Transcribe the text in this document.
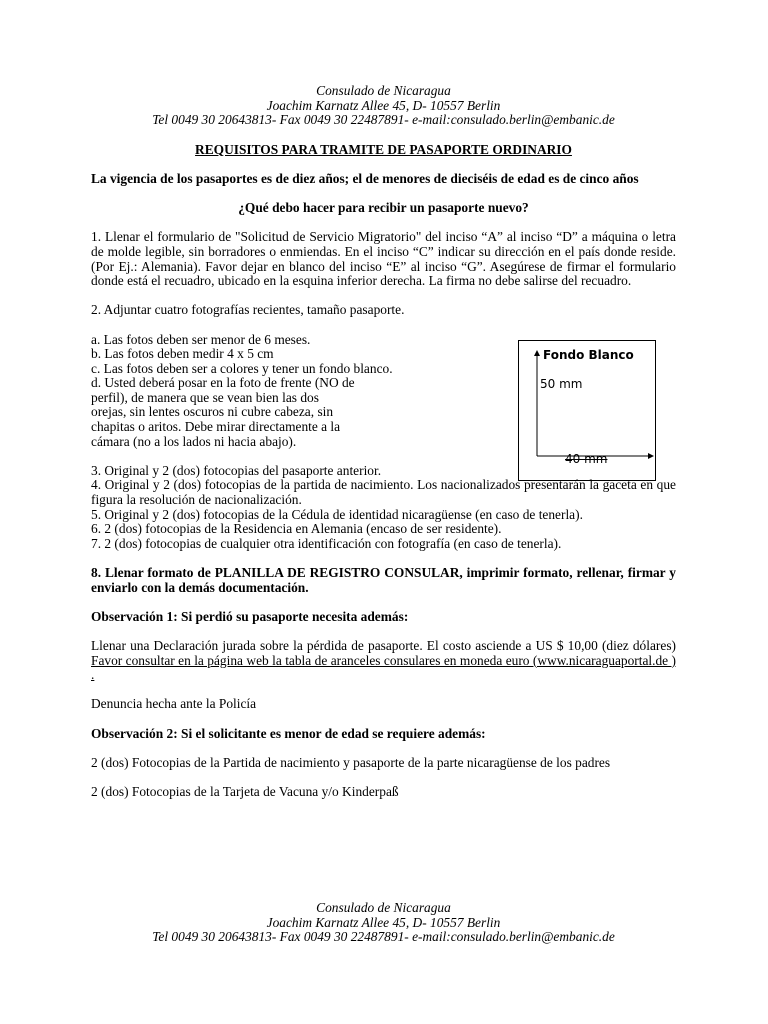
Consulado de Nicaragua
Joachim Karnatz Allee 45, D- 10557 Berlin
Tel 0049 30 20643813- Fax 0049 30 22487891- e-mail:consulado.berlin@embanic.de
REQUISITOS PARA TRAMITE DE PASAPORTE ORDINARIO
La vigencia de los pasaportes es de diez años; el de menores de dieciséis de edad es de cinco años
¿Qué debo hacer para recibir un pasaporte nuevo?
1. Llenar el formulario de "Solicitud de Servicio Migratorio" del inciso “A” al inciso “D” a máquina o letra de molde legible, sin borradores o enmiendas. En el inciso “C” indicar su dirección en el país donde reside. (Por Ej.: Alemania). Favor dejar en blanco del inciso “E” al inciso “G”. Asegúrese de firmar el formulario donde está el recuadro, ubicado en la esquina inferior derecha. La firma no debe salirse del recuadro.
2. Adjuntar cuatro fotografías recientes, tamaño pasaporte.
a. Las fotos deben ser menor de 6 meses.
b. Las fotos deben medir 4 x 5 cm
c. Las fotos deben ser a colores y tener un fondo blanco.
d. Usted deberá posar en la foto de frente (NO de
perfil), de manera que se vean bien las dos
orejas, sin lentes oscuros ni cubre cabeza, sin
chapitas o aritos. Debe mirar directamente a la
cámara (no a los lados ni hacia abajo).
3. Original y 2 (dos) fotocopias del pasaporte anterior.
4. Original y 2 (dos) fotocopias de la partida de nacimiento. Los nacionalizados presentarán la gaceta en que figura la resolución de nacionalización.
5. Original y 2 (dos) fotocopias de la Cédula de identidad nicaragüense (en caso de tenerla).
6. 2 (dos) fotocopias de la Residencia en Alemania (encaso de ser residente).
7. 2 (dos) fotocopias de cualquier otra identificación con fotografía (en caso de tenerla).
8. Llenar formato de PLANILLA DE REGISTRO CONSULAR, imprimir formato, rellenar, firmar y enviarlo con la demás documentación.
Observación 1: Si perdió su pasaporte necesita además:
Llenar una Declaración jurada sobre la pérdida de pasaporte. El costo asciende a US $ 10,00 (diez dólares) Favor consultar en la página web la tabla de aranceles consulares en moneda euro (www.nicaraguaportal.de ) .
Denuncia hecha ante la Policía
Observación 2: Si el solicitante es menor de edad se requiere además:
2 (dos) Fotocopias de la Partida de nacimiento y pasaporte de la parte nicaragüense de los padres
2 (dos) Fotocopias de la Tarjeta de Vacuna y/o Kinderpaß
Fondo Blanco
50 mm
40 mm
Consulado de Nicaragua
Joachim Karnatz Allee 45, D- 10557 Berlin
Tel 0049 30 20643813- Fax 0049 30 22487891- e-mail:consulado.berlin@embanic.de
